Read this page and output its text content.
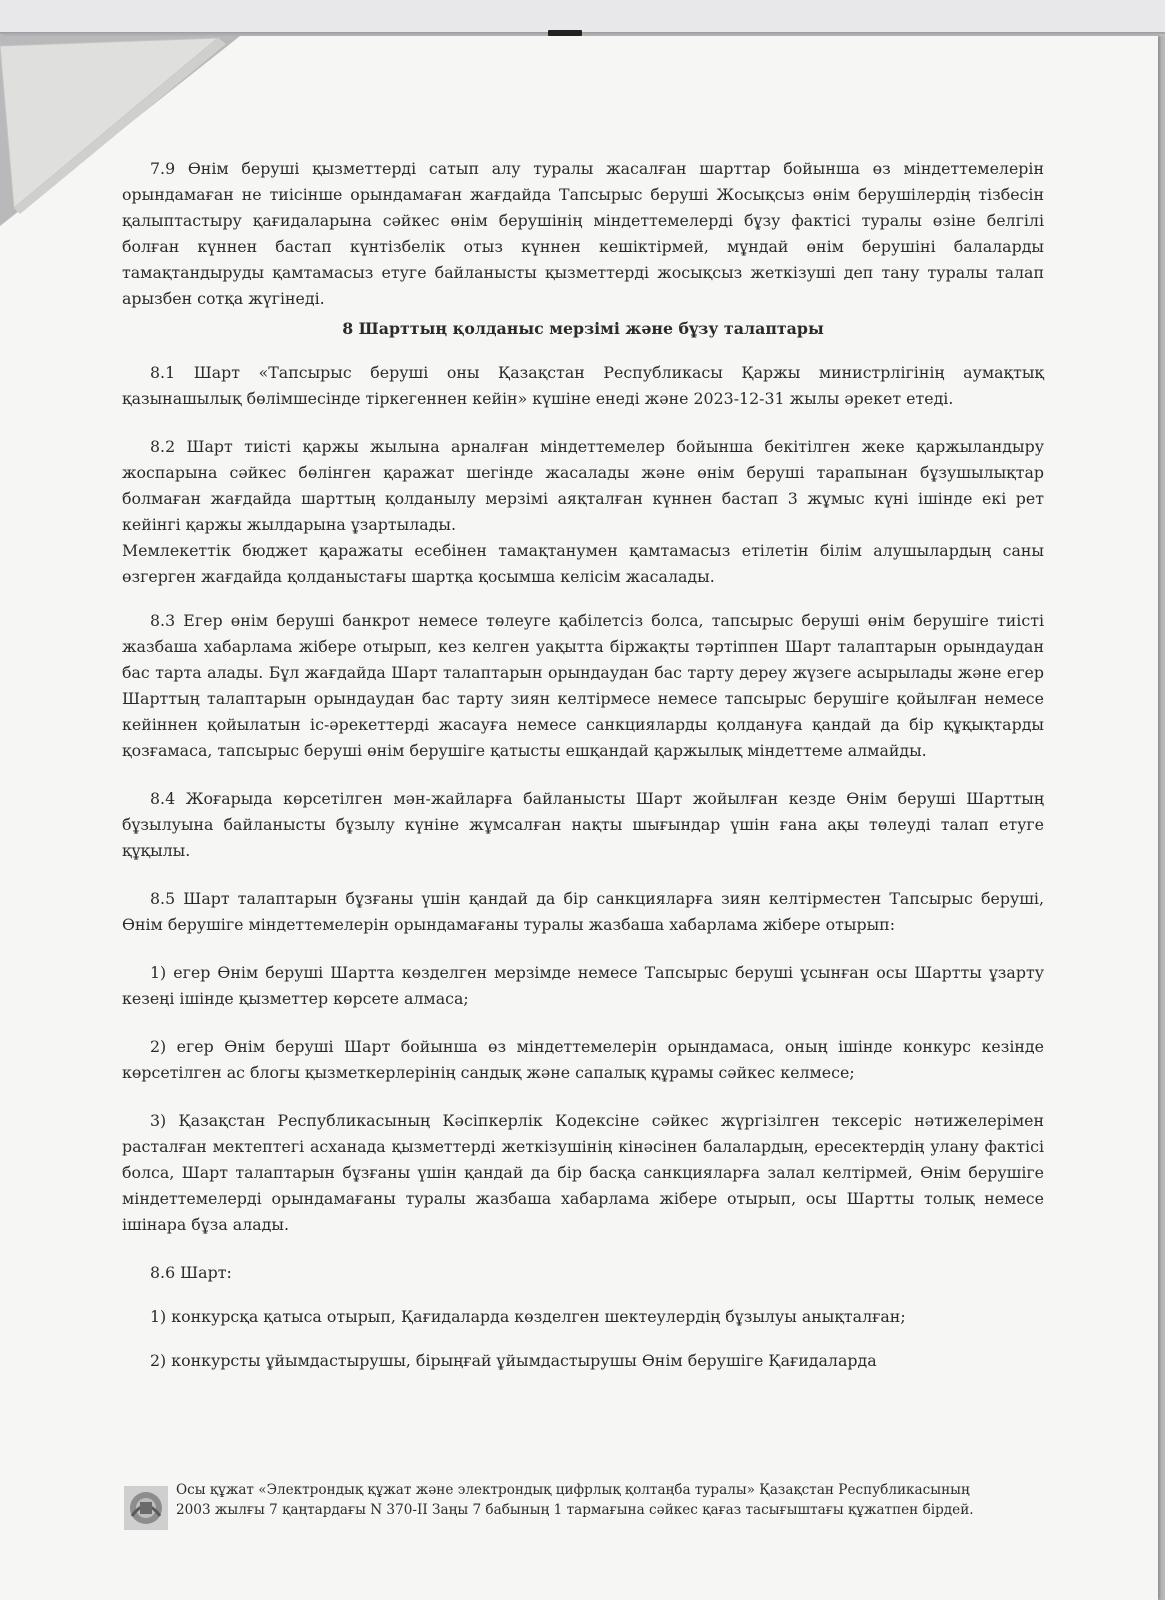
7.9 Өнім беруші қызметтерді сатып алу туралы жасалған шарттар бойынша өз міндеттемелерін орындамаған не тиісінше орындамаған жағдайда Тапсырыс беруші Жосықсыз өнім берушілердің тізбесін қалыптастыру қағидаларына сәйкес өнім берушінің міндеттемелерді бұзу фактісі туралы өзіне белгілі болған күннен бастап күнтізбелік отыз күннен кешіктірмей, мұндай өнім берушіні балаларды тамақтандыруды қамтамасыз етуге байланысты қызметтерді жосықсыз жеткізуші деп тану туралы талап арызбен сотқа жүгінеді.

8 Шарттың қолданыс мерзімі және бұзу талаптары

8.1 Шарт «Тапсырыс беруші оны Қазақстан Республикасы Қаржы министрлігінің аумақтық қазынашылық бөлімшесінде тіркегеннен кейін» күшіне енеді және 2023-12-31 жылы әрекет етеді.

8.2 Шарт тиісті қаржы жылына арналған міндеттемелер бойынша бекітілген жеке қаржыландыру жоспарына сәйкес бөлінген қаражат шегінде жасалады және өнім беруші тарапынан бұзушылықтар болмаған жағдайда шарттың қолданылу мерзімі аяқталған күннен бастап 3 жұмыс күні ішінде екі рет кейінгі қаржы жылдарына ұзартылады.

Мемлекеттік бюджет қаражаты есебінен тамақтанумен қамтамасыз етілетін білім алушылардың саны өзгерген жағдайда қолданыстағы шартқа қосымша келісім жасалады.

8.3 Егер өнім беруші банкрот немесе төлеуге қабілетсіз болса, тапсырыс беруші өнім берушіге тиісті жазбаша хабарлама жібере отырып, кез келген уақытта біржақты тәртіппен Шарт талаптарын орындаудан бас тарта алады. Бұл жағдайда Шарт талаптарын орындаудан бас тарту дереу жүзеге асырылады және егер Шарттың талаптарын орындаудан бас тарту зиян келтірмесе немесе тапсырыс берушіге қойылған немесе кейіннен қойылатын іс-әрекеттерді жасауға немесе санкцияларды қолдануға қандай да бір құқықтарды қозғамаса, тапсырыс беруші өнім берушіге қатысты ешқандай қаржылық міндеттеме алмайды.

8.4 Жоғарыда көрсетілген мән-жайларға байланысты Шарт жойылған кезде Өнім беруші Шарттың бұзылуына байланысты бұзылу күніне жұмсалған нақты шығындар үшін ғана ақы төлеуді талап етуге құқылы.

8.5 Шарт талаптарын бұзғаны үшін қандай да бір санкцияларға зиян келтірместен Тапсырыс беруші, Өнім берушіге міндеттемелерін орындамағаны туралы жазбаша хабарлама жібере отырып:

1) егер Өнім беруші Шартта көзделген мерзімде немесе Тапсырыс беруші ұсынған осы Шартты ұзарту кезеңі ішінде қызметтер көрсете алмаса;

2) егер Өнім беруші Шарт бойынша өз міндеттемелерін орындамаса, оның ішінде конкурс кезінде көрсетілген ас блогы қызметкерлерінің сандық және сапалық құрамы сәйкес келмесе;

3) Қазақстан Республикасының Кәсіпкерлік Кодексіне сәйкес жүргізілген тексеріс нәтижелерімен расталған мектептегі асханада қызметтерді жеткізушінің кінәсінен балалардың, ересектердің улану фактісі болса, Шарт талаптарын бұзғаны үшін қандай да бір басқа санкцияларға залал келтірмей, Өнім берушіге міндеттемелерді орындамағаны туралы жазбаша хабарлама жібере отырып, осы Шартты толық немесе ішінара бұза алады.

8.6 Шарт:

1) конкурсқа қатыса отырып, Қағидаларда көзделген шектеулердің бұзылуы анықталған;

2) конкурсты ұйымдастырушы, бірыңғай ұйымдастырушы Өнім берушіге Қағидаларда

Осы құжат «Электрондық құжат және электрондық цифрлық қолтаңба туралы» Қазақстан Республикасының 2003 жылғы 7 қаңтардағы N 370-II Заңы 7 бабының 1 тармағына сәйкес қағаз тасығыштағы құжатпен бірдей.
